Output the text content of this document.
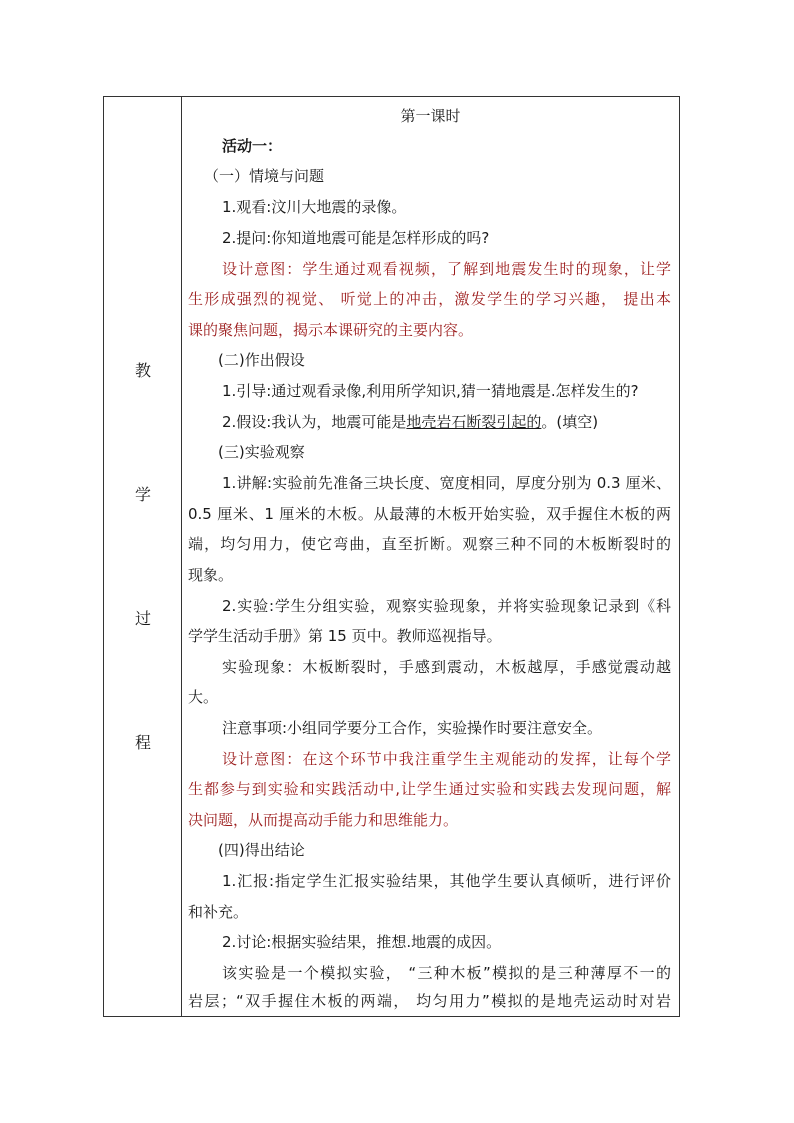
教
学
过
程
第一课时
活动一：
（一）情境与问题
1.观看:汶川大地震的录像。
2.提问:你知道地震可能是怎样形成的吗?
设计意图：学生通过观看视频，了解到地震发生时的现象，让学
生形成强烈的视觉、 听觉上的冲击，激发学生的学习兴趣， 提出本
课的聚焦问题，揭示本课研究的主要内容。
(二)作出假设
1.引导:通过观看录像,利用所学知识,猜一猜地震是.怎样发生的?
2.假设:我认为，地震可能是地壳岩石断裂引起的。(填空)
(三)实验观察
1.讲解:实验前先准备三块长度、宽度相同，厚度分别为 0.3 厘米、
0.5 厘米、1 厘米的木板。从最薄的木板开始实验，双手握住木板的两
端，均匀用力，使它弯曲，直至折断。观察三种不同的木板断裂时的
现象。
2.实验:学生分组实验，观察实验现象，并将实验现象记录到《科
学学生活动手册》第 15 页中。教师巡视指导。
实验现象：木板断裂时，手感到震动，木板越厚，手感觉震动越
大。
注意事项:小组同学要分工合作，实验操作时要注意安全。
设计意图：在这个环节中我注重学生主观能动的发挥，让每个学
生都参与到实验和实践活动中,让学生通过实验和实践去发现问题，解
决问题，从而提高动手能力和思维能力。
(四)得出结论
1.汇报:指定学生汇报实验结果，其他学生要认真倾听，进行评价
和补充。
2.讨论:根据实验结果，推想.地震的成因。
该实验是一个模拟实验， “三种木板”模拟的是三种薄厚不一的
岩层；“双手握住木板的两端， 均匀用力”模拟的是地壳运动时对岩
